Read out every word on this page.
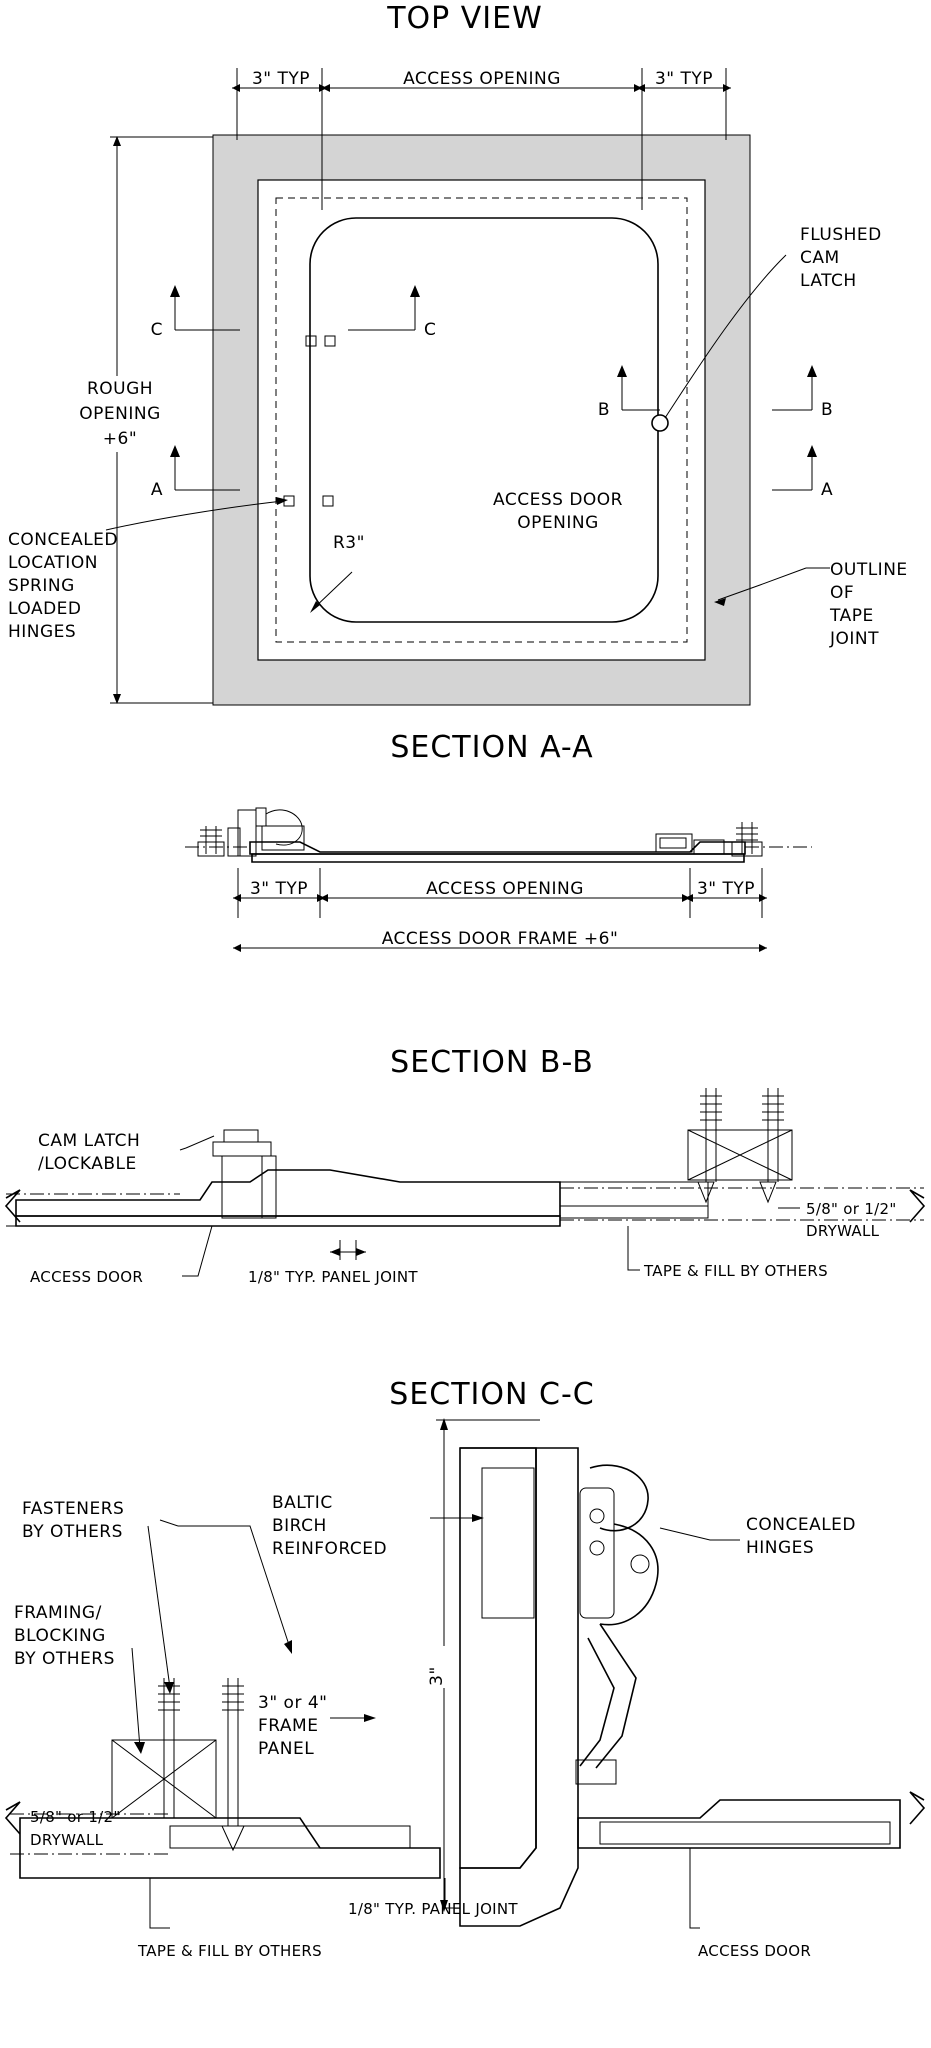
TOP VIEW
3" TYP	ACCESS OPENING	3" TYP
ROUGH
OPENING
+6"
C	C
B	B
A	A
FLUSHED
CAM
LATCH
ACCESS DOOR
OPENING
R3"
OUTLINE
OF
TAPE
JOINT
CONCEALED
LOCATION
SPRING
LOADED
HINGES
SECTION A-A
3" TYP	ACCESS OPENING	3" TYP
ACCESS DOOR FRAME +6"
SECTION B-B
5/8" or 1/2"
DRYWALL
CAM LATCH
/LOCKABLE
ACCESS DOOR	1/8" TYP. PANEL JOINT	TAPE & FILL BY OTHERS
SECTION C-C
3"
FASTENERS
BY OTHERS
FRAMING/
BLOCKING
BY OTHERS
BALTIC
BIRCH
REINFORCED
CONCEALED
HINGES
3" or 4"
FRAME
PANEL
5/8" or 1/2"
DRYWALL
TAPE & FILL BY OTHERS
1/8" TYP. PANEL JOINT
ACCESS DOOR
